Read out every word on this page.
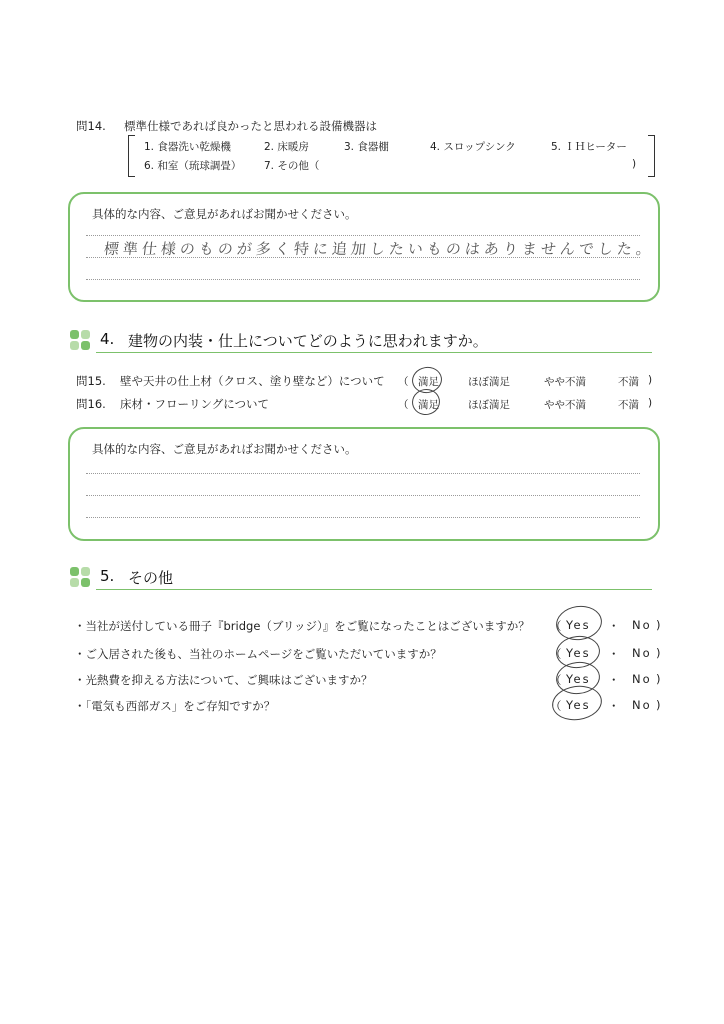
問14. 標準仕様であれば良かったと思われる設備機器は
1. 食器洗い乾燥機	2. 床暖房	3. 食器棚	4. スロップシンク	5. ＩＨヒーター
6. 和室（琉球調畳） 7. その他（	)
具体的な内容、ご意見があればお聞かせください。
標準仕様のものが多く特に追加したいものはありませんでした。
4. 建物の内装・仕上についてどのように思われますか。
問15. 壁や天井の仕上材（クロス、塗り壁など）について （ 満足	ほぼ満足	やや不満	不満 )
問16. 床材・フローリングについて	（ 満足	ほぼ満足	やや不満	不満 )
具体的な内容、ご意見があればお聞かせください。
5. その他
・当社が送付している冊子『bridge（ブリッジ）』をご覧になったことはございますか？ （ Yes ・ No )
・ご入居された後も、当社のホームページをご覧いただいていますか？	（ Yes ・ No )
・光熱費を抑える方法について、ご興味はございますか？	（ Yes ・ No )
・「電気も西部ガス」をご存知ですか？	（ Yes ・ No )
